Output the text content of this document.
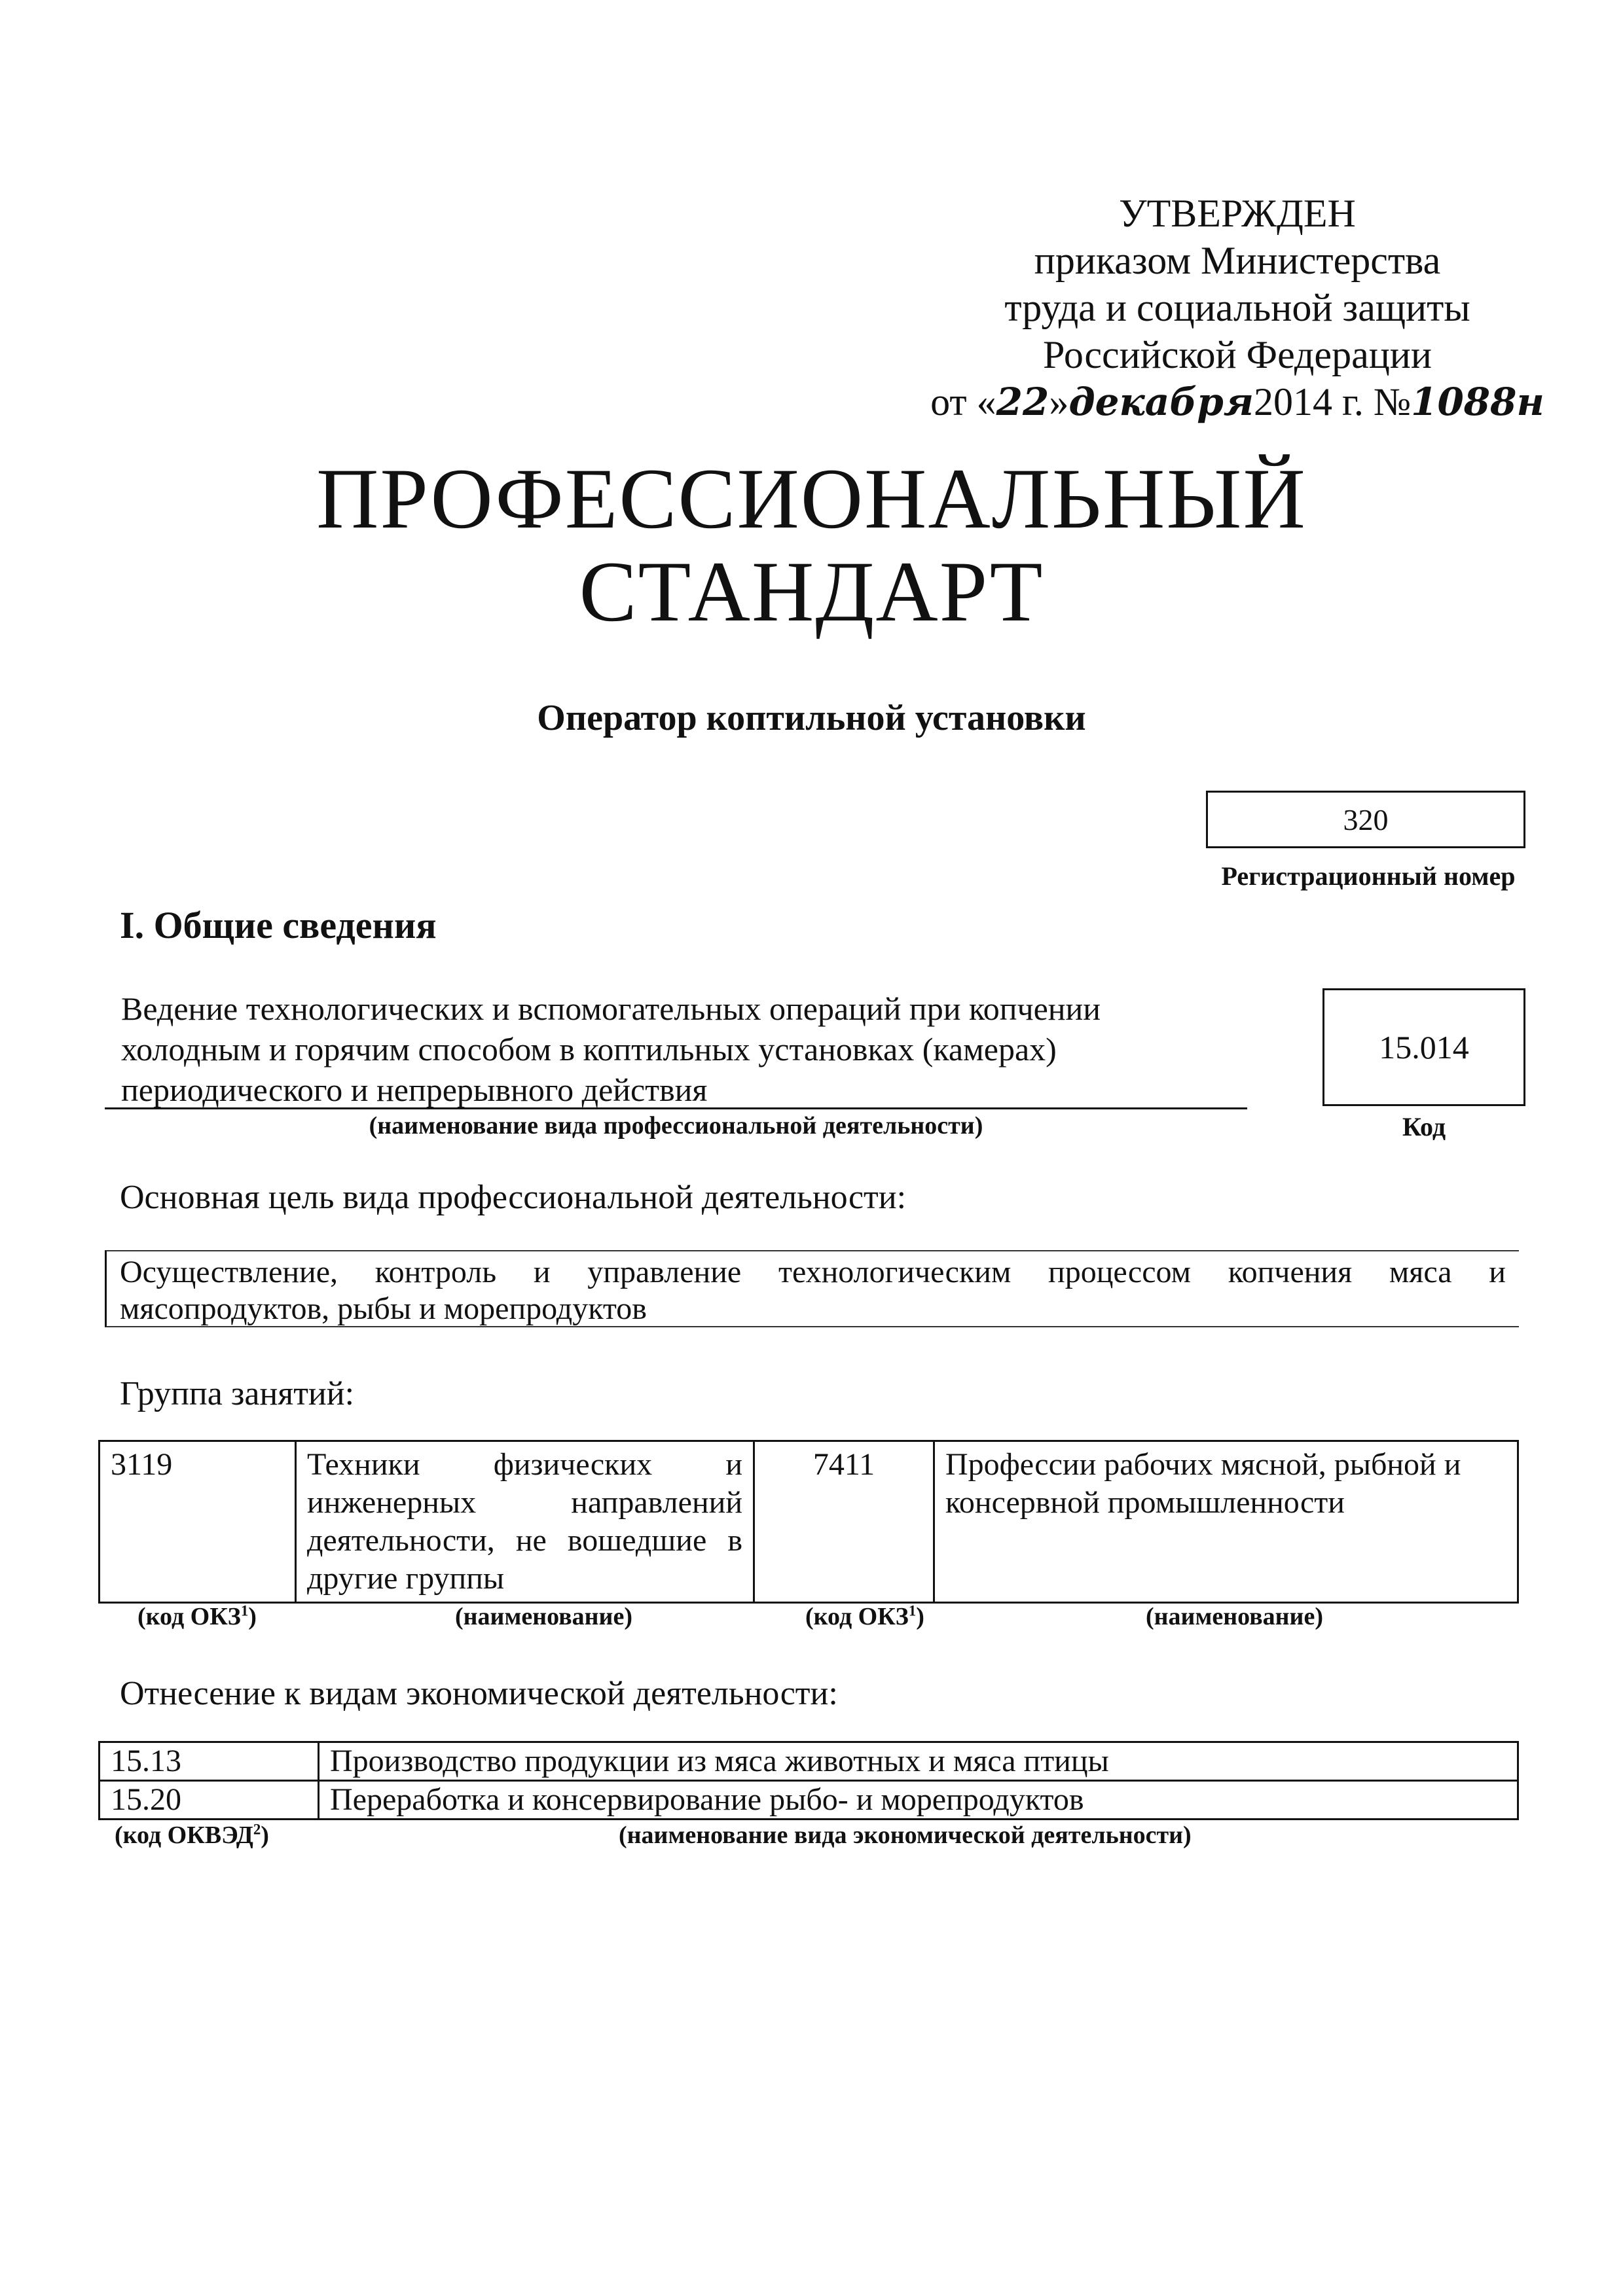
УТВЕРЖДЕН
приказом Министерства
труда и социальной защиты
Российской Федерации
от «22»декабря2014 г. №1088н
ПРОФЕССИОНАЛЬНЫЙ
СТАНДАРТ
Оператор коптильной установки
320
Регистрационный номер
I. Общие сведения
Ведение технологических и вспомогательных операций при копчении
холодным и горячим способом в коптильных установках (камерах)
периодического и непрерывного действия
(наименование вида профессиональной деятельности)
15.014
Код
Основная цель вида профессиональной деятельности:
Осуществление, контроль и управление технологическим процессом копчения мяса и
мясопродуктов, рыбы и морепродуктов
Группа занятий:
3119	Техники физических и инженерных направлений деятельности, не вошедшие в другие группы	7411	Профессии рабочих мясной, рыбной и консервной промышленности
(код ОКЗ$^1$)	(наименование)	(код ОКЗ$^1$)	(наименование)
Отнесение к видам экономической деятельности:
15.13	Производство продукции из мяса животных и мяса птицы
15.20	Переработка и консервирование рыбо- и морепродуктов
(код ОКВЭД$^2$)	(наименование вида экономической деятельности)
